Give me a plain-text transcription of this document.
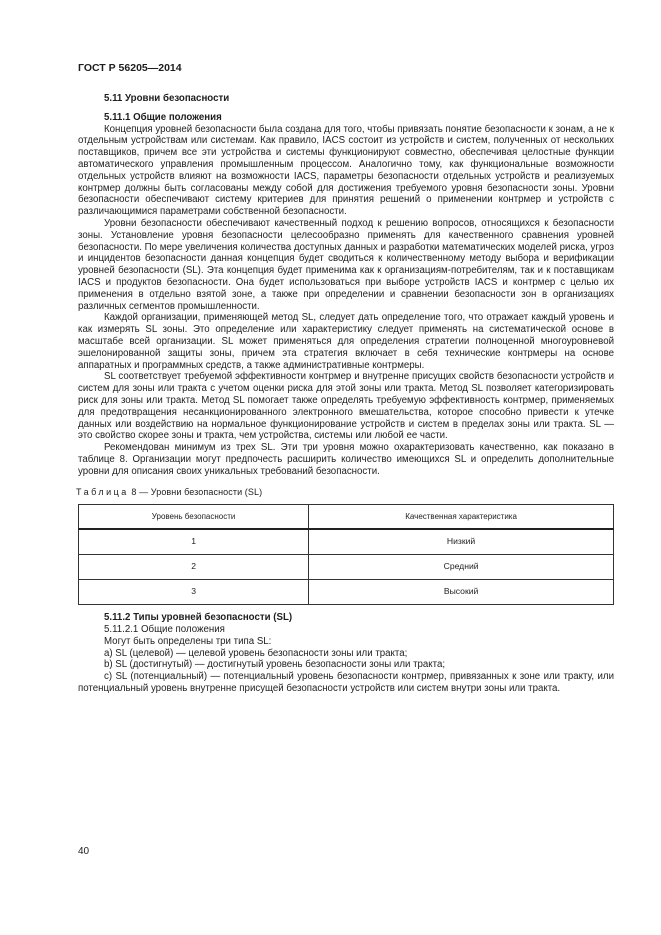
ГОСТ Р 56205—2014
5.11 Уровни безопасности
5.11.1 Общие положения

Концепция уровней безопасности была создана для того, чтобы привязать понятие безопасности к зонам, а не к отдельным устройствам или системам. Как правило, IACS состоит из устройств и систем, полученных от нескольких поставщиков, причем все эти устройства и системы функционируют совместно, обеспечивая целостные функции автоматического управления промышленным процессом. Аналогично тому, как функциональные возможности отдельных устройств влияют на возможности IACS, параметры безопасности отдельных устройств и реализуемых контрмер должны быть согласованы между собой для достижения требуемого уровня безопасности зоны. Уровни безопасности обеспечивают систему критериев для принятия решений о применении контрмер и устройств с различающимися параметрами собственной безопасности.

Уровни безопасности обеспечивают качественный подход к решению вопросов, относящихся к безопасности зоны. Установление уровня безопасности целесообразно применять для качественного сравнения уровней безопасности. По мере увеличения количества доступных данных и разработки математических моделей риска, угроз и инцидентов безопасности данная концепция будет сводиться к количественному методу выбора и верификации уровней безопасности (SL). Эта концепция будет применима как к организациям-потребителям, так и к поставщикам IACS и продуктов безопасности. Она будет использоваться при выборе устройств IACS и контрмер с целью их применения в отдельно взятой зоне, а также при определении и сравнении безопасности зон в организациях различных сегментов промышленности.

Каждой организации, применяющей метод SL, следует дать определение того, что отражает каждый уровень и как измерять SL зоны. Это определение или характеристику следует применять на систематической основе в масштабе всей организации. SL может применяться для определения стратегии полноценной многоуровневой эшелонированной защиты зоны, причем эта стратегия включает в себя технические контрмеры на основе аппаратных и программных средств, а также административные контрмеры.

SL соответствует требуемой эффективности контрмер и внутренне присущих свойств безопасности устройств и систем для зоны или тракта с учетом оценки риска для этой зоны или тракта. Метод SL позволяет категоризировать риск для зоны или тракта. Метод SL помогает также определять требуемую эффективность контрмер, применяемых для предотвращения несанкционированного электронного вмешательства, которое способно привести к утечке данных или воздействию на нормальное функционирование устройств и систем в пределах зоны или тракта. SL — это свойство скорее зоны и тракта, чем устройства, системы или любой ее части.

Рекомендован минимум из трех SL. Эти три уровня можно охарактеризовать качественно, как показано в таблице 8. Организации могут предпочесть расширить количество имеющихся SL и определить дополнительные уровни для описания своих уникальных требований безопасности.

Таблица 8 — Уровни безопасности (SL)
Уровень безопасности	Качественная характеристика
1	Низкий
2	Средний
3	Высокий
5.11.2 Типы уровней безопасности (SL)
5.11.2.1 Общие положения
Могут быть определены три типа SL:
a) SL (целевой) — целевой уровень безопасности зоны или тракта;
b) SL (достигнутый) — достигнутый уровень безопасности зоны или тракта;
c) SL (потенциальный) — потенциальный уровень безопасности контрмер, привязанных к зоне или тракту, или потенциальный уровень внутренне присущей безопасности устройств или систем внутри зоны или тракта.
40
